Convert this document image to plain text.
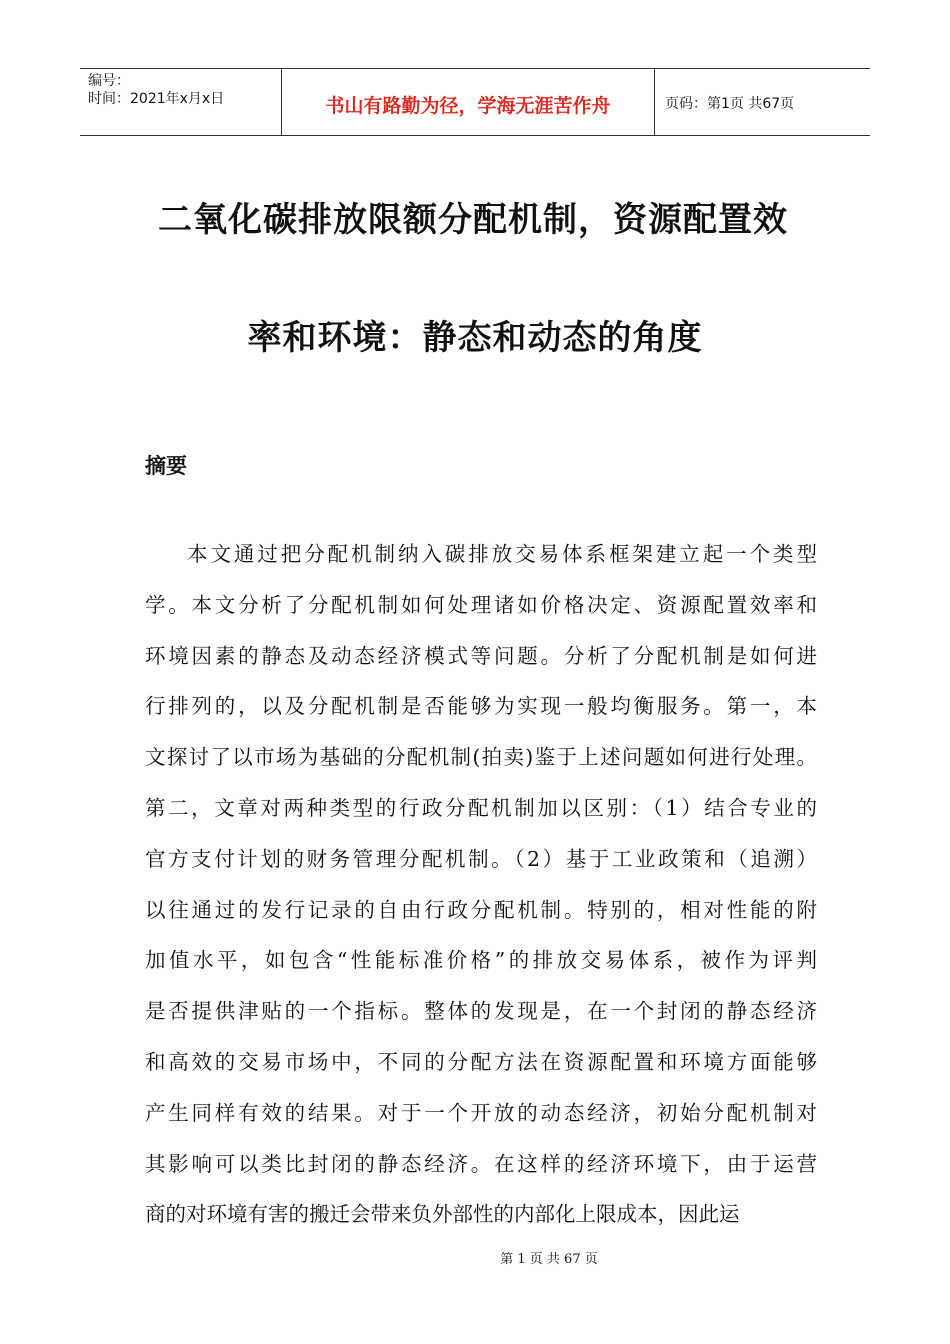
编号：
时间：2021年x月x日	书山有路勤为径，学海无涯苦作舟	页码：第1页 共67页
二氧化碳排放限额分配机制，资源配置效
率和环境：静态和动态的角度
摘要
本文通过把分配机制纳入碳排放交易体系框架建立起一个类型
学。本文分析了分配机制如何处理诸如价格决定、资源配置效率和
环境因素的静态及动态经济模式等问题。分析了分配机制是如何进
行排列的，以及分配机制是否能够为实现一般均衡服务。第一，本
文探讨了以市场为基础的分配机制(拍卖)鉴于上述问题如何进行处理。
第二，文章对两种类型的行政分配机制加以区别：（1）结合专业的
官方支付计划的财务管理分配机制。（2）基于工业政策和（追溯）
以往通过的发行记录的自由行政分配机制。特别的，相对性能的附
加值水平，如包含“性能标准价格”的排放交易体系，被作为评判
是否提供津贴的一个指标。整体的发现是，在一个封闭的静态经济
和高效的交易市场中，不同的分配方法在资源配置和环境方面能够
产生同样有效的结果。对于一个开放的动态经济，初始分配机制对
其影响可以类比封闭的静态经济。在这样的经济环境下，由于运营
商的对环境有害的搬迁会带来负外部性的内部化上限成本，因此运
第 1 页 共 67 页
